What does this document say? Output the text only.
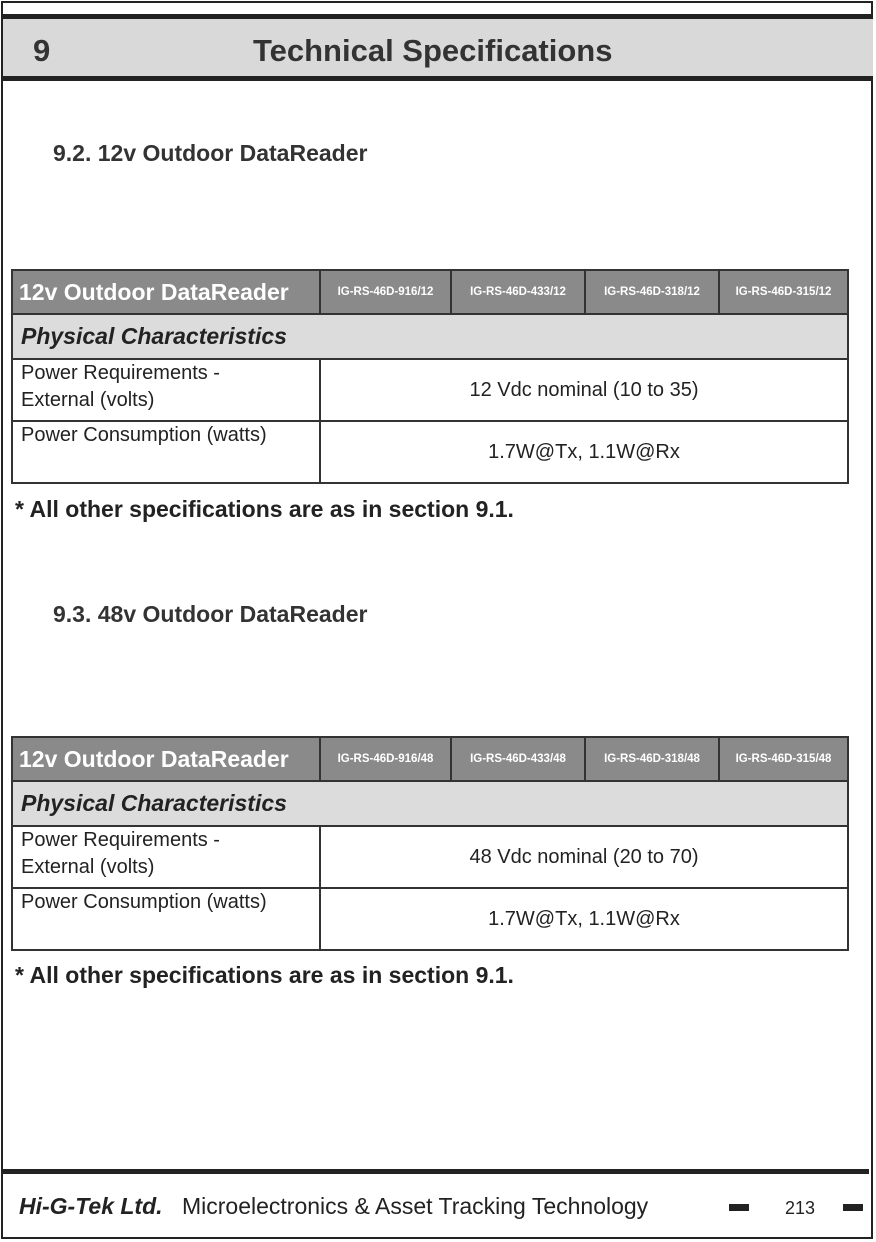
9	Technical Specifications
9.2. 12v Outdoor DataReader
12v Outdoor DataReader	IG-RS-46D-916/12	IG-RS-46D-433/12	IG-RS-46D-318/12	IG-RS-46D-315/12
Physical Characteristics				

Power Requirements -
External (volts)	12 Vdc nominal (10 to 35)			

Power Consumption (watts)	1.7W@Tx, 1.1W@Rx			
* All other specifications are as in section 9.1.
9.3. 48v Outdoor DataReader
12v Outdoor DataReader	IG-RS-46D-916/48	IG-RS-46D-433/48	IG-RS-46D-318/48	IG-RS-46D-315/48
Physical Characteristics				

Power Requirements -
External (volts)	48 Vdc nominal (20 to 70)			

Power Consumption (watts)	1.7W@Tx, 1.1W@Rx			
* All other specifications are as in section 9.1.
Hi-G-Tek Ltd. Microelectronics & Asset Tracking Technology	213
